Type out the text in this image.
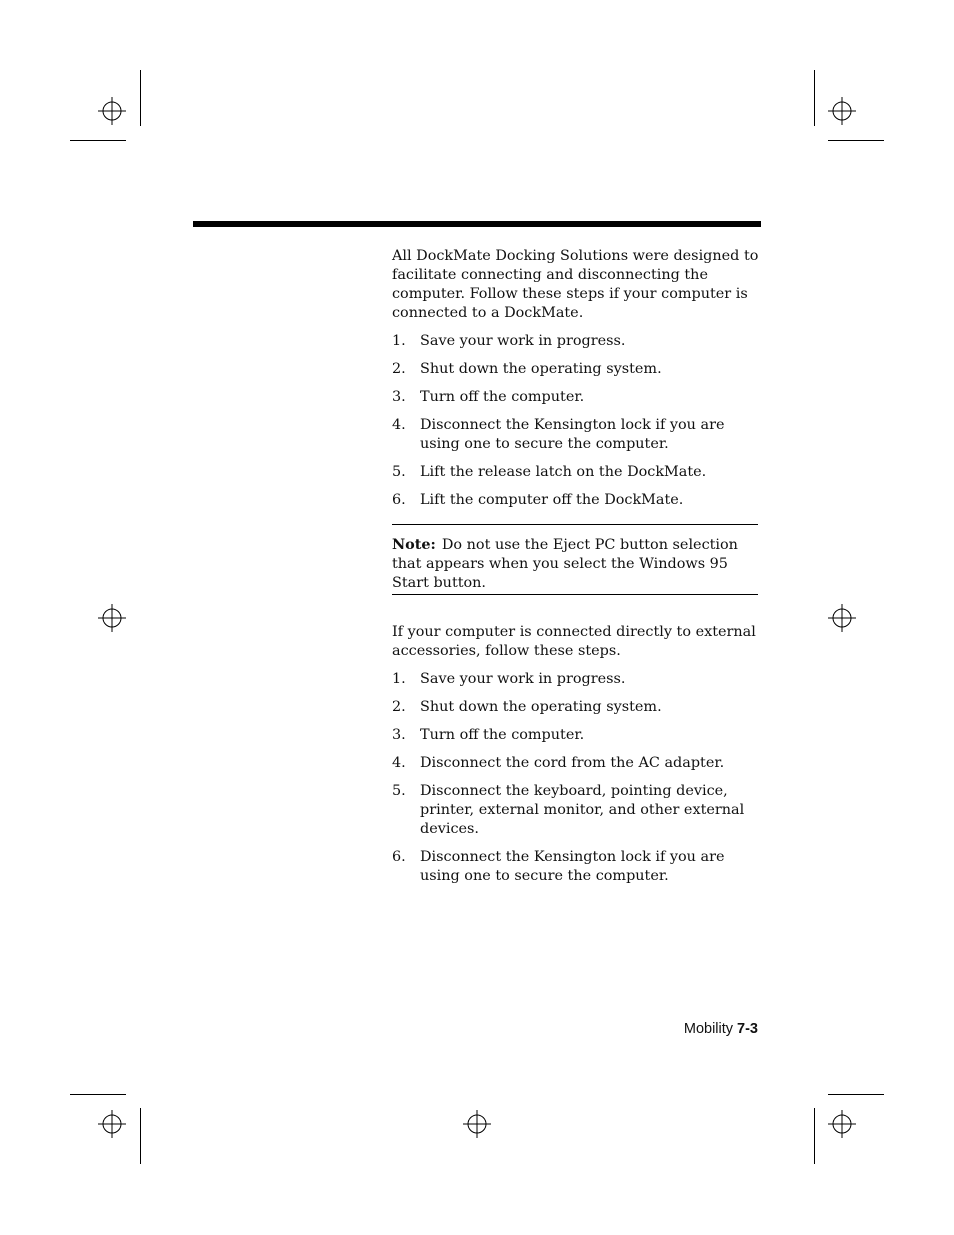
All DockMate Docking Solutions were designed to facilitate connecting and disconnecting the computer. Follow these steps if your computer is connected to a DockMate.

1. Save your work in progress.
2. Shut down the operating system.
3. Turn off the computer.
4. Disconnect the Kensington lock if you are using one to secure the computer.
5. Lift the release latch on the DockMate.
6. Lift the computer off the DockMate.
Note: Do not use the Eject PC button selection that appears when you select the Windows 95 Start button.

If your computer is connected directly to external accessories, follow these steps.

1. Save your work in progress.
2. Shut down the operating system.
3. Turn off the computer.
4. Disconnect the cord from the AC adapter.
5. Disconnect the keyboard, pointing device, printer, external monitor, and other external devices.
6. Disconnect the Kensington lock if you are using one to secure the computer.
Mobility 7-3
